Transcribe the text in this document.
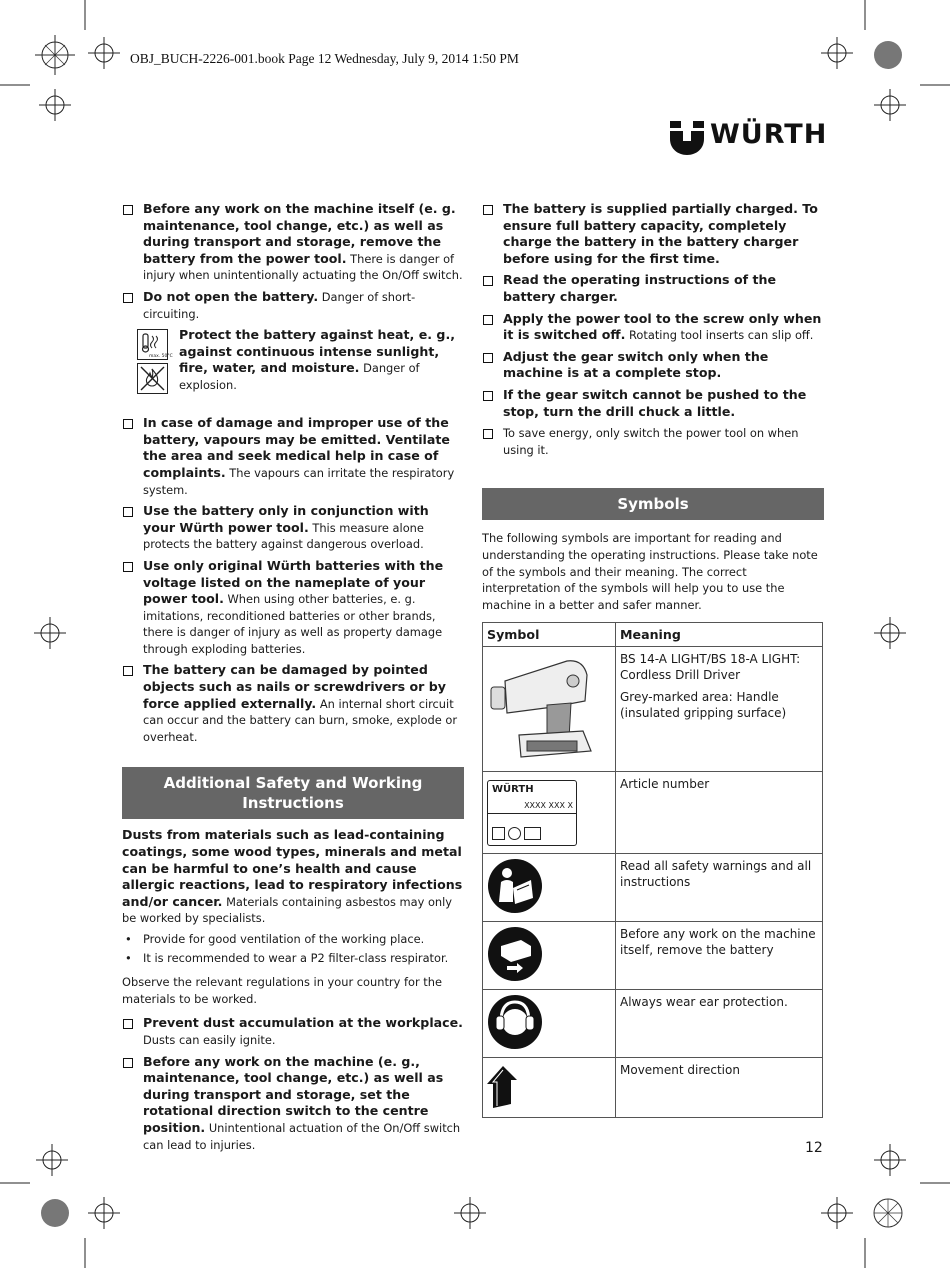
OBJ_BUCH-2226-001.book Page 12 Wednesday, July 9, 2014 1:50 PM
WÜRTH
Before any work on the machine itself (e. g. maintenance, tool change, etc.) as well as during transport and storage, remove the battery from the power tool. There is danger of injury when unintentionally actuating the On/Off switch.
Do not open the battery. Danger of short-circuiting.
max. 50°C
Protect the battery against heat, e. g., against continuous intense sunlight, fire, water, and moisture. Danger of explosion.
In case of damage and improper use of the battery, vapours may be emitted. Ventilate the area and seek medical help in case of complaints. The vapours can irritate the respiratory system.
Use the battery only in conjunction with your Würth power tool. This measure alone protects the battery against dangerous overload.
Use only original Würth batteries with the voltage listed on the nameplate of your power tool. When using other batteries, e. g. imitations, reconditioned batteries or other brands, there is danger of injury as well as property damage through exploding batteries.
The battery can be damaged by pointed objects such as nails or screwdrivers or by force applied externally. An internal short circuit can occur and the battery can burn, smoke, explode or overheat.
Additional Safety and Working Instructions
Dusts from materials such as lead-containing coatings, some wood types, minerals and metal can be harmful to one’s health and cause allergic reactions, lead to respiratory infections and/or cancer. Materials containing asbestos may only be worked by specialists.
• Provide for good ventilation of the working place.
• It is recommended to wear a P2 filter-class respirator.
Observe the relevant regulations in your country for the materials to be worked.
Prevent dust accumulation at the workplace. Dusts can easily ignite.
Before any work on the machine (e. g., maintenance, tool change, etc.) as well as during transport and storage, set the rotational direction switch to the centre position. Unintentional actuation of the On/Off switch can lead to injuries.
The battery is supplied partially charged. To ensure full battery capacity, completely charge the battery in the battery charger before using for the first time.
Read the operating instructions of the battery charger.
Apply the power tool to the screw only when it is switched off. Rotating tool inserts can slip off.
Adjust the gear switch only when the machine is at a complete stop.
If the gear switch cannot be pushed to the stop, turn the drill chuck a little.
To save energy, only switch the power tool on when using it.
Symbols
The following symbols are important for reading and understanding the operating instructions. Please take note of the symbols and their meaning. The correct interpretation of the symbols will help you to use the machine in a better and safer manner.
Symbol	Meaning

BS 14-A LIGHT/BS 18-A LIGHT: Cordless Drill Driver

Grey-marked area: Handle (insulated gripping surface)

WÜRTH
XXXX XXX X	Article number

Read all safety warnings and all instructions

Before any work on the machine itself, remove the battery

Always wear ear protection.

Movement direction

12
